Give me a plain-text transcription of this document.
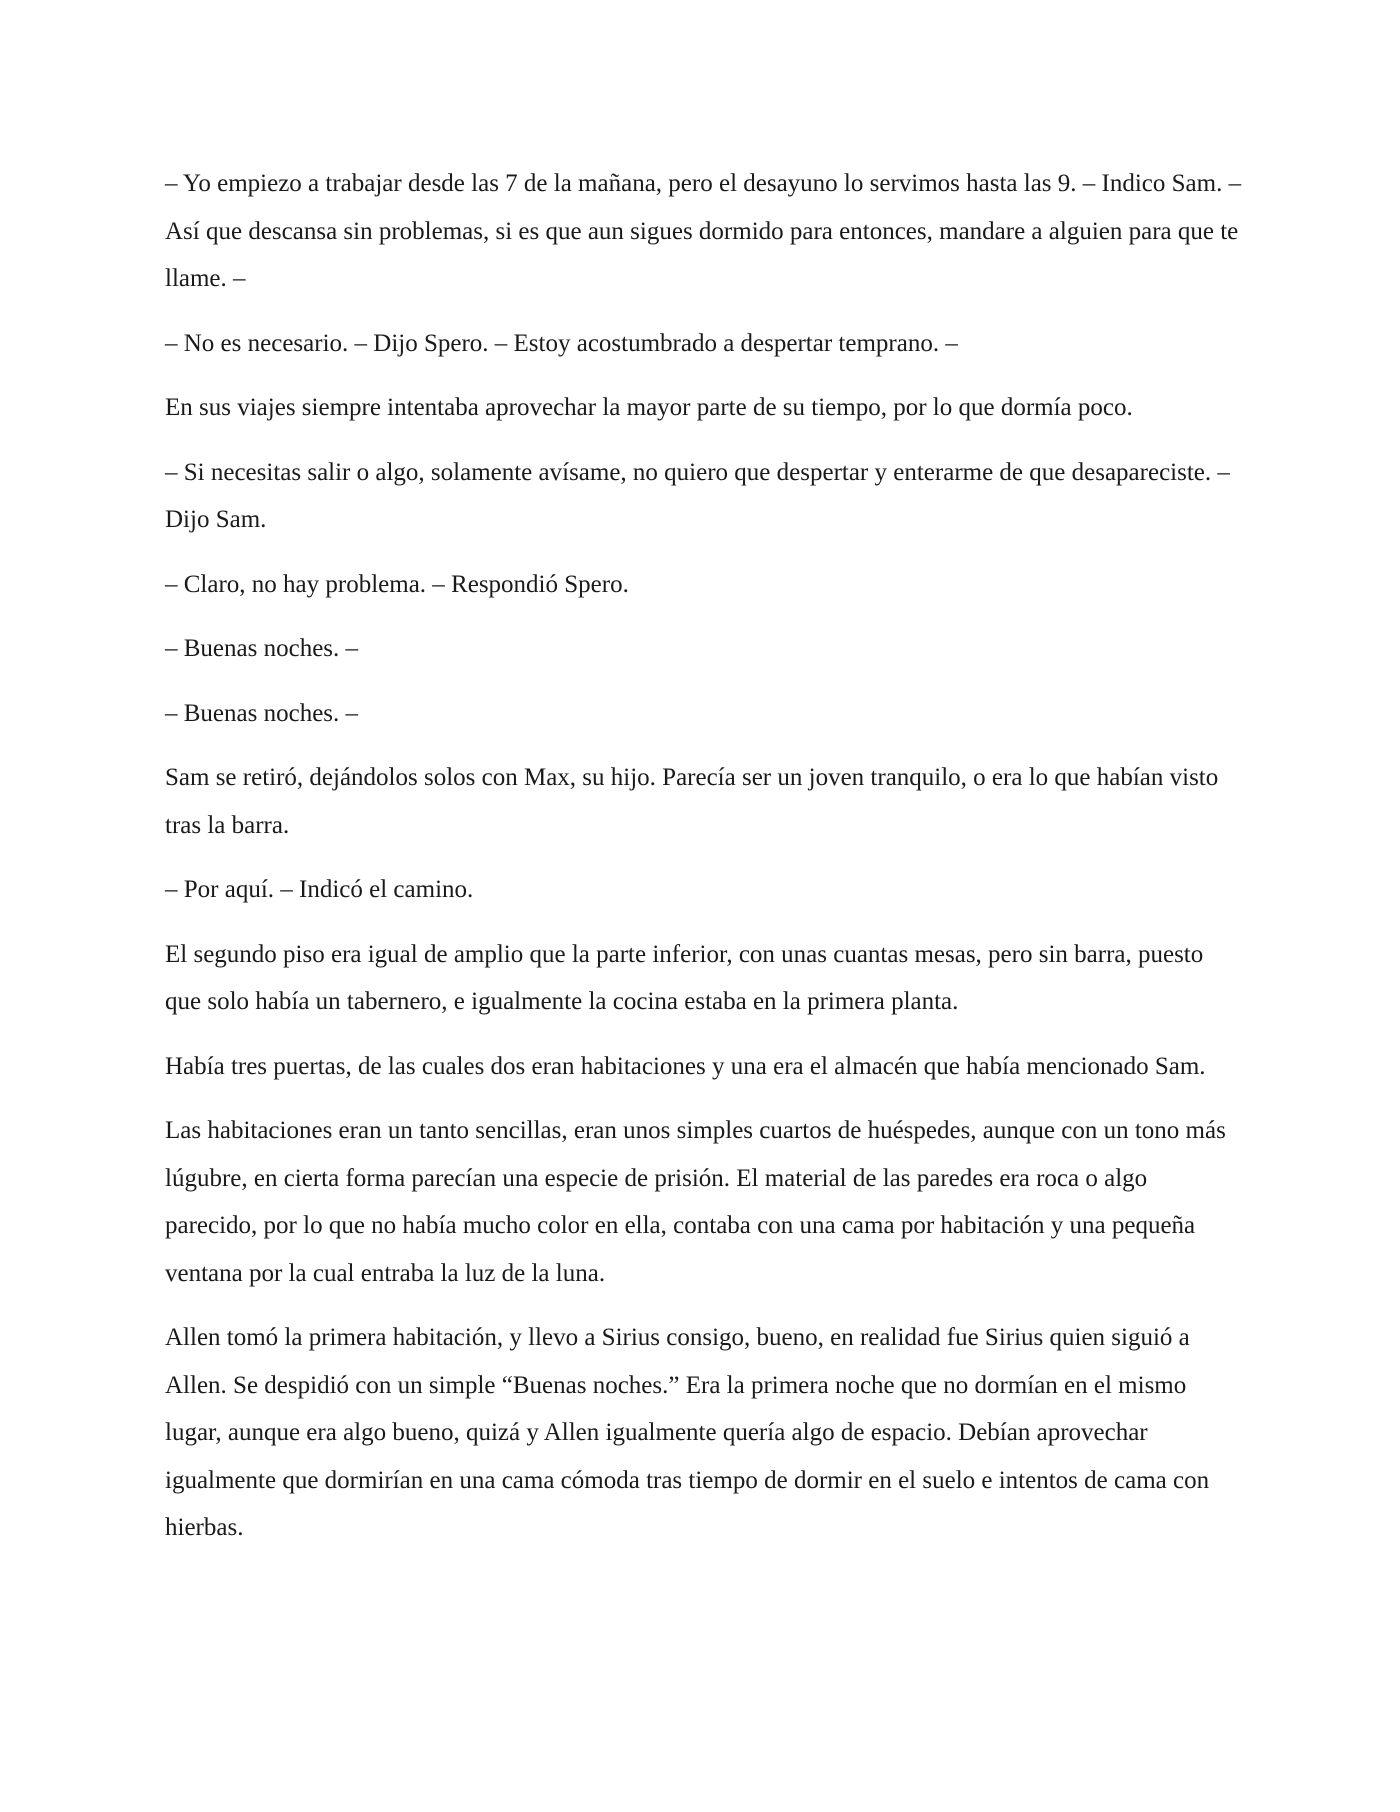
– Yo empiezo a trabajar desde las 7 de la mañana, pero el desayuno lo servimos hasta las 9. – Indico Sam. – Así que descansa sin problemas, si es que aun sigues dormido para entonces, mandare a alguien para que te llame. –

– No es necesario. – Dijo Spero. – Estoy acostumbrado a despertar temprano. –

En sus viajes siempre intentaba aprovechar la mayor parte de su tiempo, por lo que dormía poco.

– Si necesitas salir o algo, solamente avísame, no quiero que despertar y enterarme de que desapareciste. – Dijo Sam.

– Claro, no hay problema. – Respondió Spero.

– Buenas noches. –

– Buenas noches. –

Sam se retiró, dejándolos solos con Max, su hijo. Parecía ser un joven tranquilo, o era lo que habían visto tras la barra.

– Por aquí. – Indicó el camino.

El segundo piso era igual de amplio que la parte inferior, con unas cuantas mesas, pero sin barra, puesto que solo había un tabernero, e igualmente la cocina estaba en la primera planta.

Había tres puertas, de las cuales dos eran habitaciones y una era el almacén que había mencionado Sam.

Las habitaciones eran un tanto sencillas, eran unos simples cuartos de huéspedes, aunque con un tono más lúgubre, en cierta forma parecían una especie de prisión. El material de las paredes era roca o algo parecido, por lo que no había mucho color en ella, contaba con una cama por habitación y una pequeña ventana por la cual entraba la luz de la luna.

Allen tomó la primera habitación, y llevo a Sirius consigo, bueno, en realidad fue Sirius quien siguió a Allen. Se despidió con un simple “Buenas noches.” Era la primera noche que no dormían en el mismo lugar, aunque era algo bueno, quizá y Allen igualmente quería algo de espacio. Debían aprovechar igualmente que dormirían en una cama cómoda tras tiempo de dormir en el suelo e intentos de cama con hierbas.
